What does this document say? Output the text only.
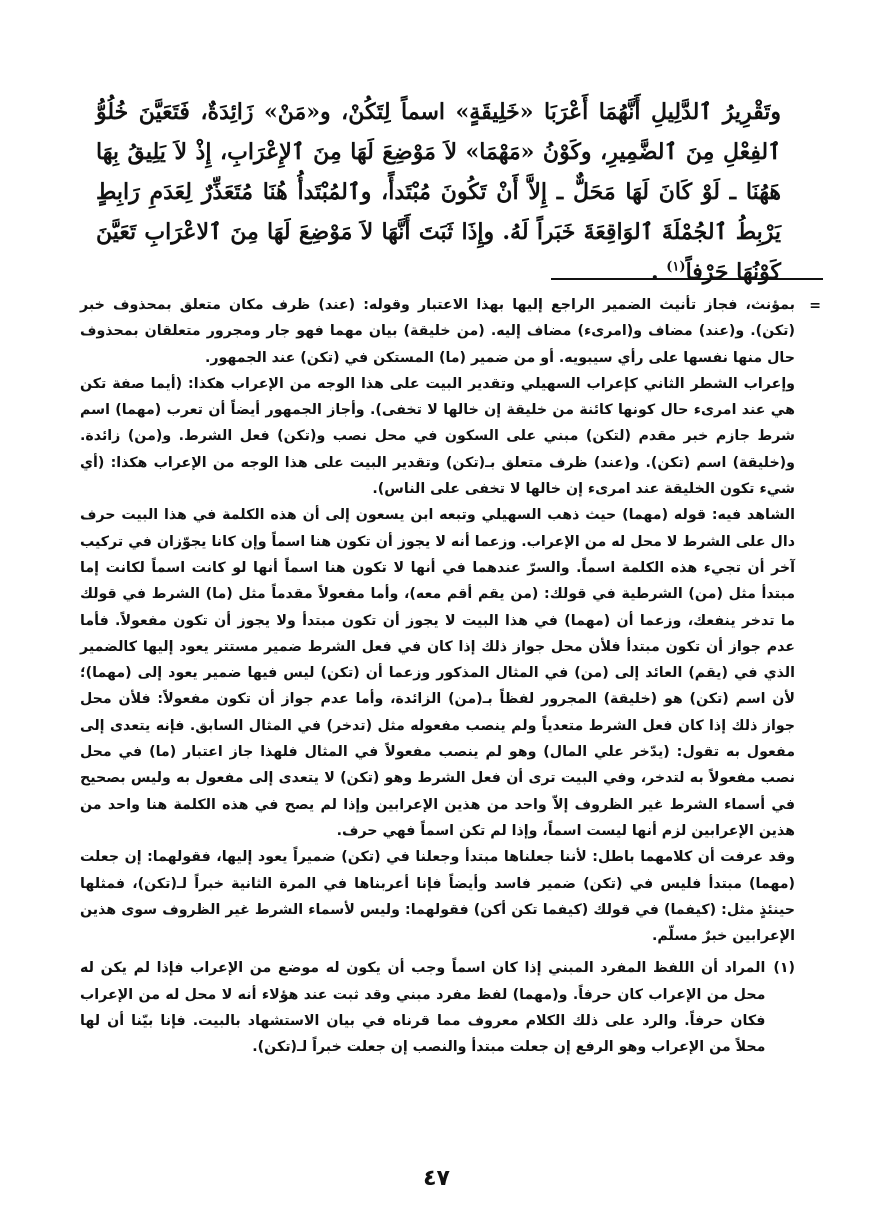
وتَقْرِيرُ ٱلدَّلِيلِ أَنَّهُمَا أَعْرَبَا «خَلِيقَةٍ» اسماً لِتَكُنْ، و«مَنْ» زَائِدَةٌ، فَتَعَيَّنَ خُلُوُّ ٱلفِعْلِ مِنَ ٱلضَّمِيرِ، وكَوْنُ «مَهْمَا» لاَ مَوْضِعَ لَهَا مِنَ ٱلإِعْرَابِ، إِذْ لاَ يَلِيقُ بِهَا هَهُنَا ـ لَوْ كَانَ لَهَا مَحَلٌّ ـ إِلاَّ أَنْ تَكُونَ مُبْتَدأً، وٱلمُبْتَدأُ هُنَا مُتَعَذِّرٌ لِعَدَمِ رَابِطٍ يَرْبِطُ ٱلجُمْلَةَ ٱلوَاقِعَةَ خَبَراً لَهُ. وإِذَا ثَبَتَ أَنَّهَا لاَ مَوْضِعَ لَهَا مِنَ ٱلاعْرَابِ تَعَيَّنَ كَوْنُهَا حَرْفاً$^{(١)}$ .

=

بمؤنث، فجاز تأنيث الضمير الراجع إليها بهذا الاعتبار وقوله: (عند) ظرف مكان متعلق بمحذوف خبر (تكن). و(عند) مضاف و(امرىء) مضاف إليه. (من خليقة) بيان مهما فهو جار ومجرور متعلقان بمحذوف حال منها نفسها على رأي سيبويه. أو من ضمير (ما) المستكن في (تكن) عند الجمهور.

وإعراب الشطر الثاني كإعراب السهيلي وتقدير البيت على هذا الوجه من الإعراب هكذا: (أيما صفة تكن هي عند امرىء حال كونها كائنة من خليقة إن خالها لا تخفى). وأجاز الجمهور أيضاً أن تعرب (مهما) اسم شرط جازم خبر مقدم (لتكن) مبني على السكون في محل نصب و(تكن) فعل الشرط. و(من) زائدة. و(خليقة) اسم (تكن). و(عند) ظرف متعلق بـ(تكن) وتقدير البيت على هذا الوجه من الإعراب هكذا: (أي شيء تكون الخليقة عند امرىء إن خالها لا تخفى على الناس).

الشاهد فيه: قوله (مهما) حيث ذهب السهيلي وتبعه ابن يسعون إلى أن هذه الكلمة في هذا البيت حرف دال على الشرط لا محل له من الإعراب. وزعما أنه لا يجوز أن تكون هنا اسماً وإن كانا يجوّزان في تركيب آخر أن تجيء هذه الكلمة اسماً. والسرّ عندهما في أنها لا تكون هنا اسماً أنها لو كانت اسماً لكانت إما مبتدأ مثل (من) الشرطية في قولك: (من يقم أقم معه)، وأما مفعولاً مقدماً مثل (ما) الشرط في قولك ما تدخر ينفعك، وزعما أن (مهما) في هذا البيت لا يجوز أن تكون مبتدأ ولا يجوز أن تكون مفعولاً. فأما عدم جواز أن تكون مبتدأ فلأن محل جواز ذلك إذا كان في فعل الشرط ضمير مستتر يعود إليها كالضمير الذي في (يقم) العائد إلى (من) في المثال المذكور وزعما أن (تكن) ليس فيها ضمير يعود إلى (مهما)؛ لأن اسم (تكن) هو (خليقة) المجرور لفظاً بـ(من) الزائدة، وأما عدم جواز أن تكون مفعولاً: فلأن محل جواز ذلك إذا كان فعل الشرط متعدياً ولم ينصب مفعوله مثل (تدخر) في المثال السابق. فإنه يتعدى إلى مفعول به تقول: (يدّخر علي المال) وهو لم ينصب مفعولاً في المثال فلهذا جاز اعتبار (ما) في محل نصب مفعولاً به لتدخر، وفي البيت ترى أن فعل الشرط وهو (تكن) لا يتعدى إلى مفعول به وليس بصحيح في أسماء الشرط غير الظروف إلاّ واحد من هذين الإعرابين وإذا لم يصح في هذه الكلمة هنا واحد من هذين الإعرابين لزم أنها ليست اسماً، وإذا لم تكن اسماً فهي حرف.

وقد عرفت أن كلامهما باطل: لأننا جعلناها مبتدأ وجعلنا في (تكن) ضميراً يعود إليها، فقولهما: إن جعلت (مهما) مبتدأ فليس في (تكن) ضمير فاسد وأيضاً فإنا أعربناها في المرة الثانية خبراً لـ(تكن)، فمثلها حينئذٍ مثل: (كيفما) في قولك (كيفما تكن أكن) فقولهما: وليس لأسماء الشرط غير الظروف سوى هذين الإعرابين خبرٌ مسلّم.

(١)
المراد أن اللفظ المفرد المبني إذا كان اسماً وجب أن يكون له موضع من الإعراب فإذا لم يكن له محل من الإعراب كان حرفاً. و(مهما) لفظ مفرد مبني وقد ثبت عند هؤلاء أنه لا محل له من الإعراب فكان حرفاً. والرد على ذلك الكلام معروف مما قرناه في بيان الاستشهاد بالبيت. فإنا بيّنا أن لها محلاً من الإعراب وهو الرفع إن جعلت مبتدأ والنصب إن جعلت خبراً لـ(تكن).

٤٧
